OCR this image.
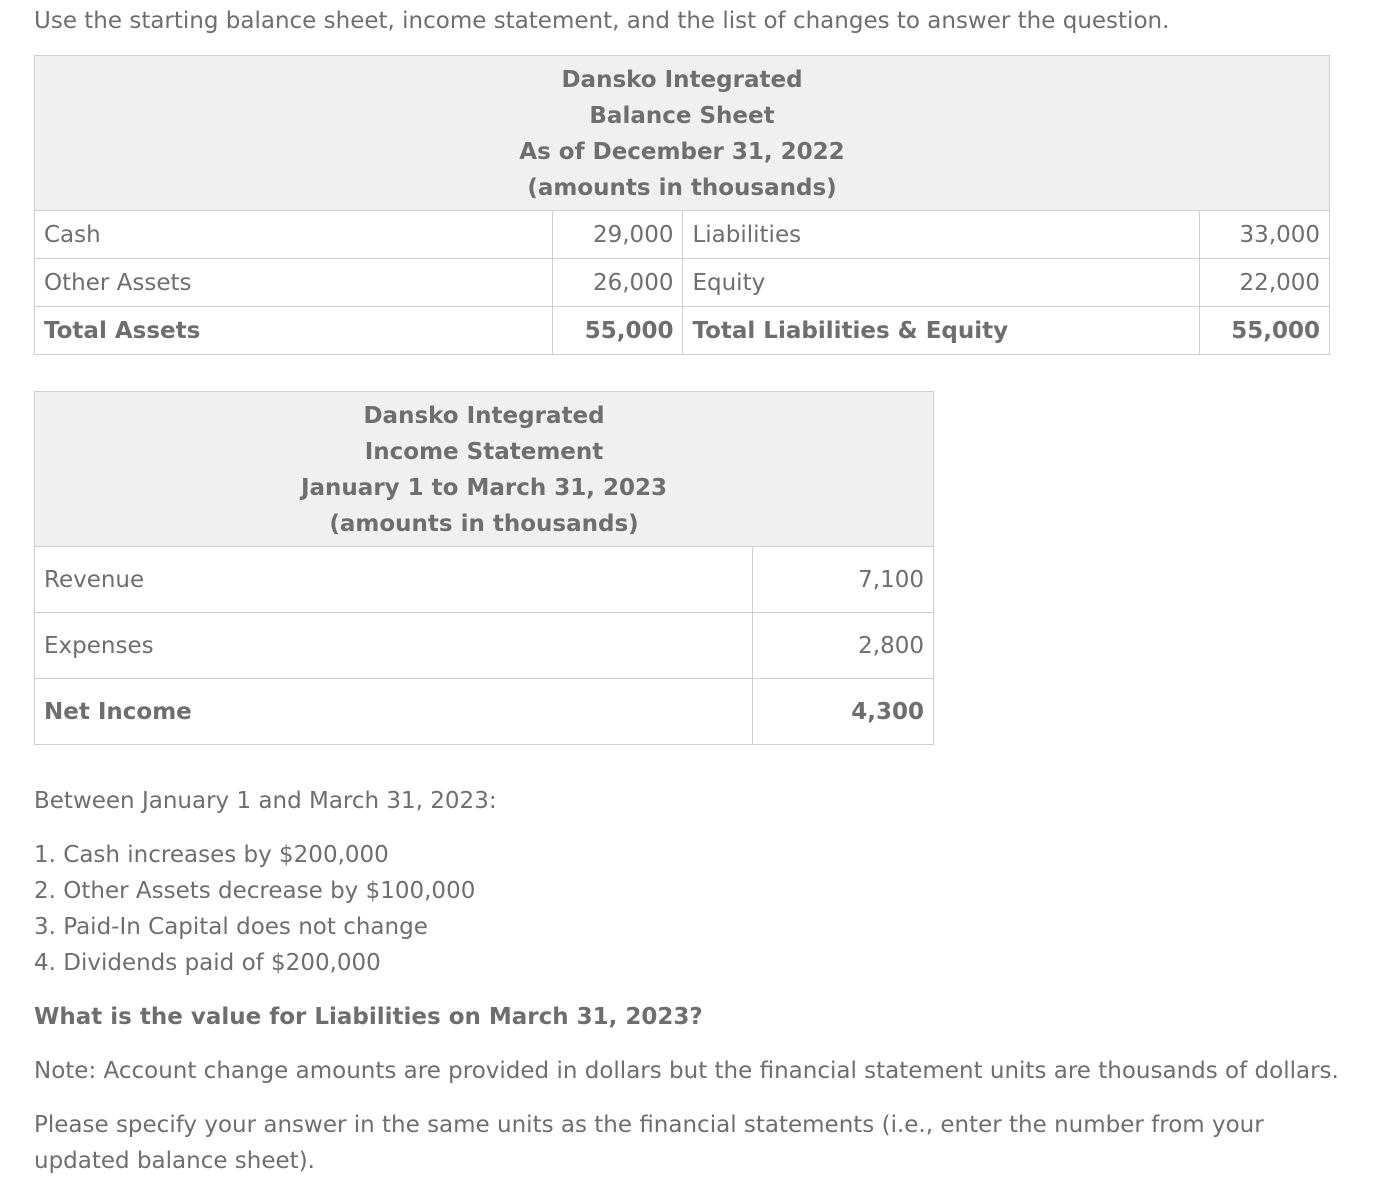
Use the starting balance sheet, income statement, and the list of changes to answer the question.

Dansko Integrated
Balance Sheet
As of December 31, 2022
(amounts in thousands)			

Cash	29,000	Liabilities	33,000
Other Assets	26,000	Equity	22,000
Total Assets	55,000	Total Liabilities & Equity	55,000
Dansko Integrated
Income Statement
January 1 to March 31, 2023
(amounts in thousands)	

Revenue	7,100
Expenses	2,800
Net Income	4,300

Between January 1 and March 31, 2023:

1. Cash increases by $200,000
2. Other Assets decrease by $100,000
3. Paid-In Capital does not change
4. Dividends paid of $200,000

What is the value for Liabilities on March 31, 2023?

Note: Account change amounts are provided in dollars but the financial statement units are thousands of dollars.

Please specify your answer in the same units as the financial statements (i.e., enter the number from your updated balance sheet).
